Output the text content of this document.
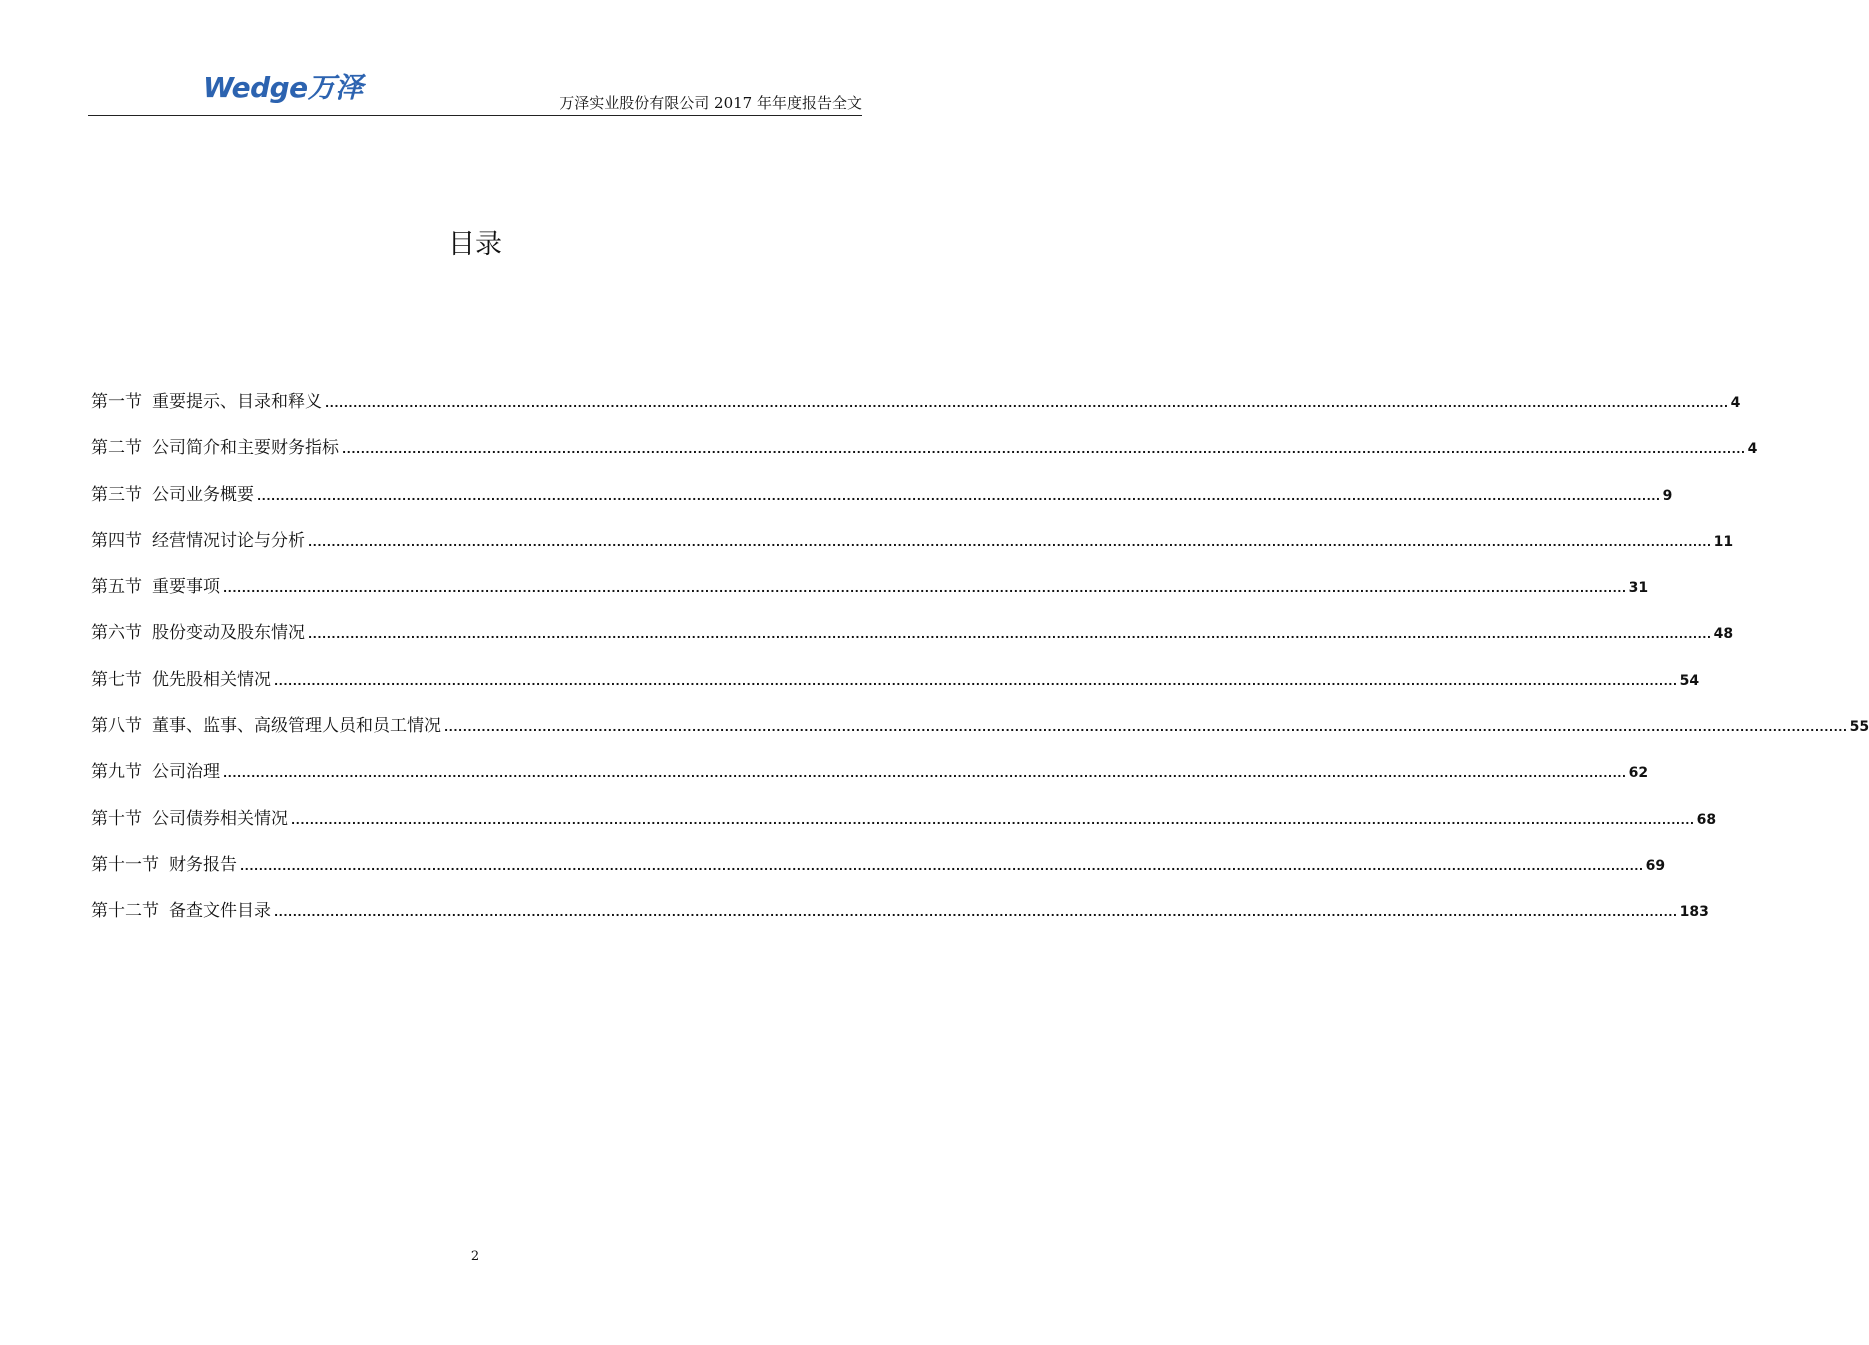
Wedge万泽	万泽实业股份有限公司 2017 年年度报告全文
目录
第一节 重要提示、目录和释义 ............................................................................................................................................................................................................................................................................................................ 4
第二节 公司简介和主要财务指标 ............................................................................................................................................................................................................................................................................................................ 4
第三节 公司业务概要 ............................................................................................................................................................................................................................................................................................................ 9
第四节 经营情况讨论与分析 ............................................................................................................................................................................................................................................................................................................ 11
第五节 重要事项 ............................................................................................................................................................................................................................................................................................................ 31
第六节 股份变动及股东情况 ............................................................................................................................................................................................................................................................................................................ 48
第七节 优先股相关情况 ............................................................................................................................................................................................................................................................................................................ 54
第八节 董事、监事、高级管理人员和员工情况 ............................................................................................................................................................................................................................................................................................................ 55
第九节 公司治理 ............................................................................................................................................................................................................................................................................................................ 62
第十节 公司债券相关情况 ............................................................................................................................................................................................................................................................................................................ 68
第十一节 财务报告 ............................................................................................................................................................................................................................................................................................................ 69
第十二节 备查文件目录 ............................................................................................................................................................................................................................................................................................................ 183
2
